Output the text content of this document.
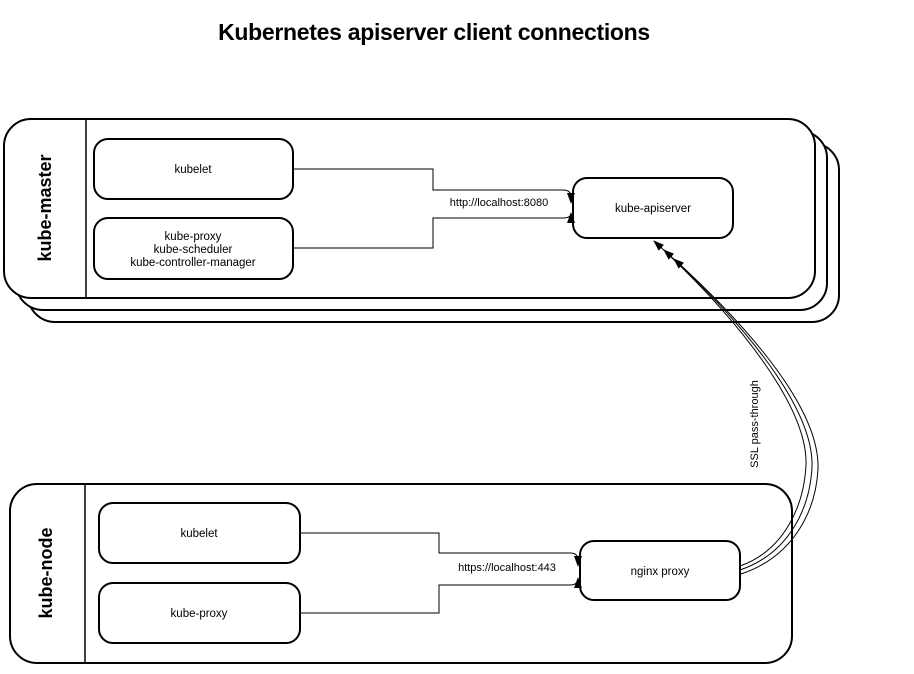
Kubernetes apiserver client connections
kube-master	kubelet
kube-proxy
kube-scheduler
kube-controller-manager
kube-apiserver
http://localhost:8080
kube-node	kubelet
kube-proxy
nginx proxy
https://localhost:443
SSL pass-through
